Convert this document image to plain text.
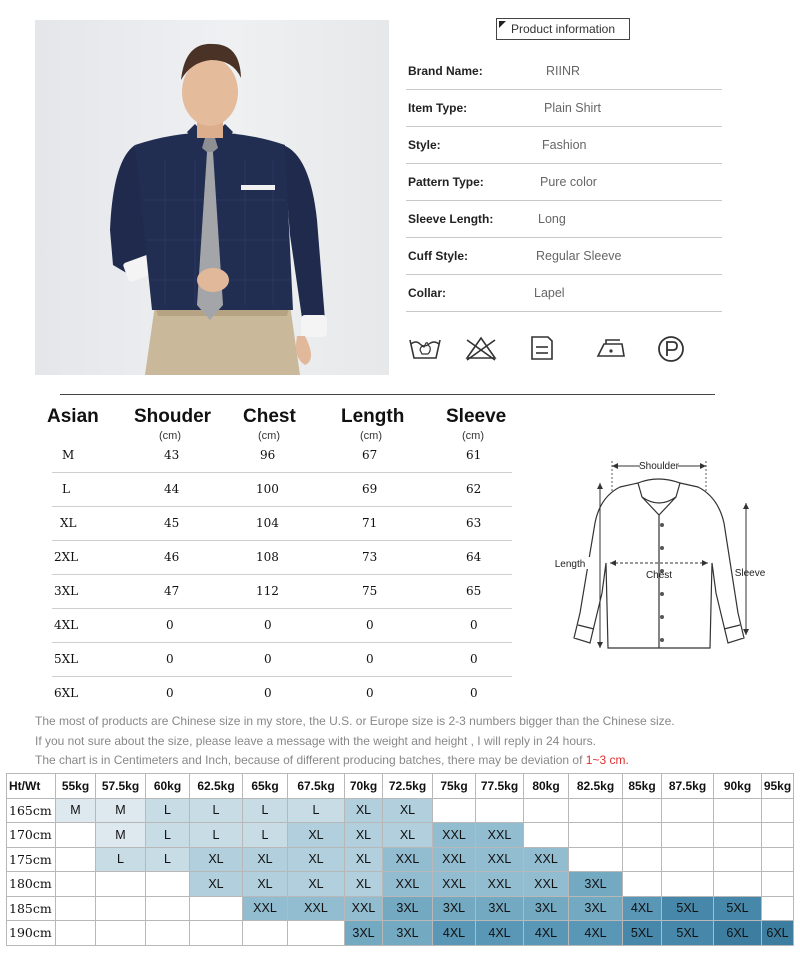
Product information
Brand Name:	RIINR
Item Type:	Plain Shirt
Style:	Fashion
Pattern Type:	Pure color
Sleeve Length:	Long
Cuff Style:	Regular Sleeve
Collar:	Lapel
Asian Shouder Chest Length Sleeve
(cm)	(cm)	(cm)	(cm)
M	43	96	67	61
L	44	100	69	62
XL	45	104	71	63
2XL	46	108	73	64
3XL	47	112	75	65
4XL	0	0	0	0
5XL	0	0	0	0
6XL	0	0	0	0
Shoulder
Chest
Length
Sleeve
The most of products are Chinese size in my store, the U.S. or Europe size is 2-3 numbers bigger than the Chinese size.
If you not sure about the size, please leave a message with the weight and height , I will reply in 24 hours.
The chart is in Centimeters and Inch, because of different producing batches, there may be deviation of 1~3 cm.
Ht/Wt	55kg	57.5kg	60kg	62.5kg	65kg	67.5kg	70kg	72.5kg	75kg	77.5kg	80kg	82.5kg	85kg	87.5kg	90kg	95kg
165cm	M	M	L	L	L	L	XL	XL								
170cm		M	L	L	L	XL	XL	XL	XXL	XXL						
175cm		L	L	XL	XL	XL	XL	XXL	XXL	XXL	XXL					
180cm				XL	XL	XL	XL	XXL	XXL	XXL	XXL	3XL				
185cm					XXL	XXL	XXL	3XL	3XL	3XL	3XL	3XL	4XL	5XL	5XL	
190cm							3XL	3XL	4XL	4XL	4XL	4XL	5XL	5XL	6XL	6XL
